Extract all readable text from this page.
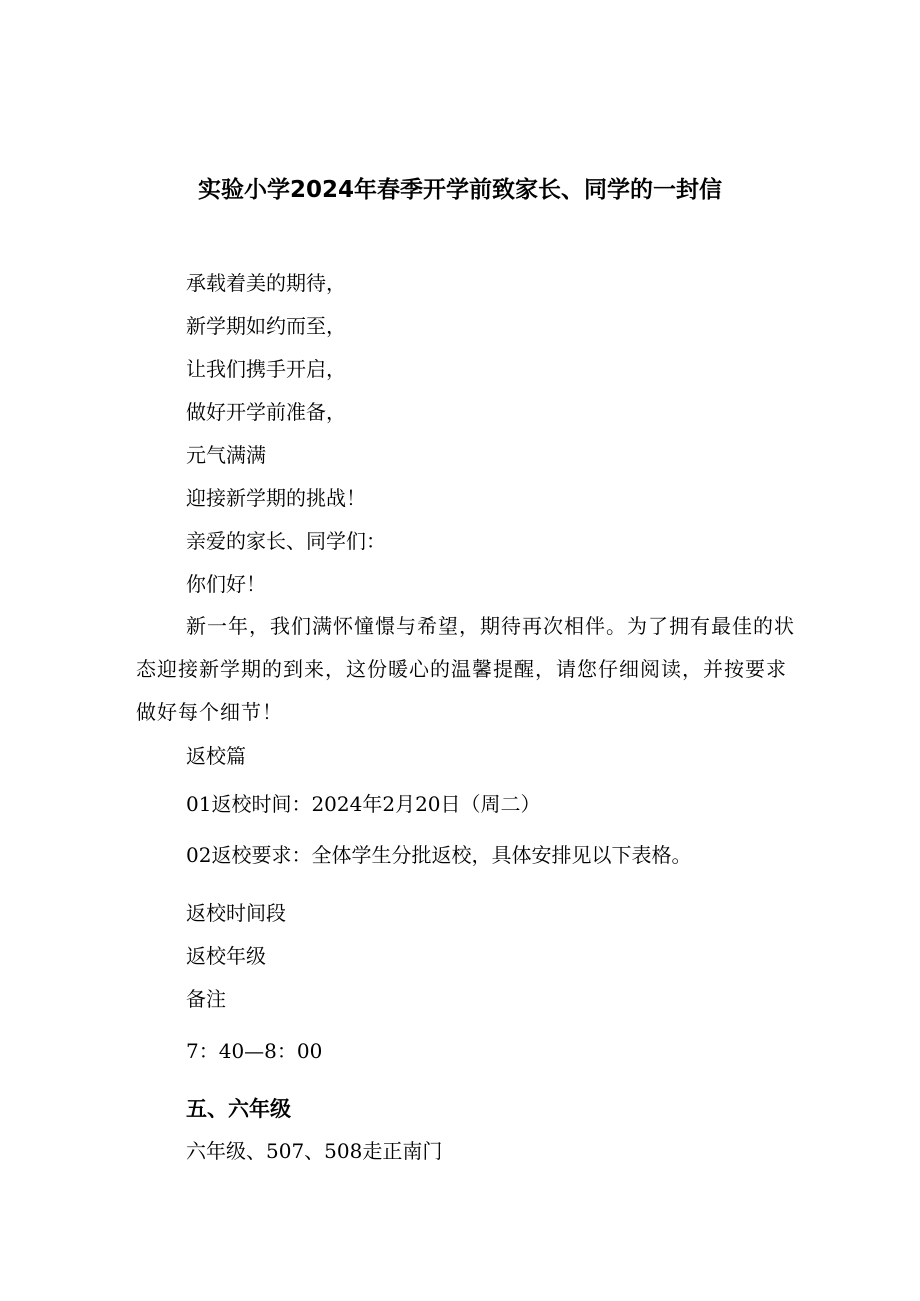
实验小学2024年春季开学前致家长、同学的一封信
承载着美的期待，
新学期如约而至，
让我们携手开启，
做好开学前准备，
元气满满
迎接新学期的挑战！
亲爱的家长、同学们：
你们好！
新一年，我们满怀憧憬与希望，期待再次相伴。为了拥有最佳的状态迎接新学期的到来，这份暖心的温馨提醒，请您仔细阅读，并按要求做好每个细节！
返校篇
01返校时间：2024年2月20日（周二）
02返校要求：全体学生分批返校，具体安排见以下表格。
返校时间段
返校年级
备注
7：40—8：00
五、六年级
六年级、507、508走正南门
